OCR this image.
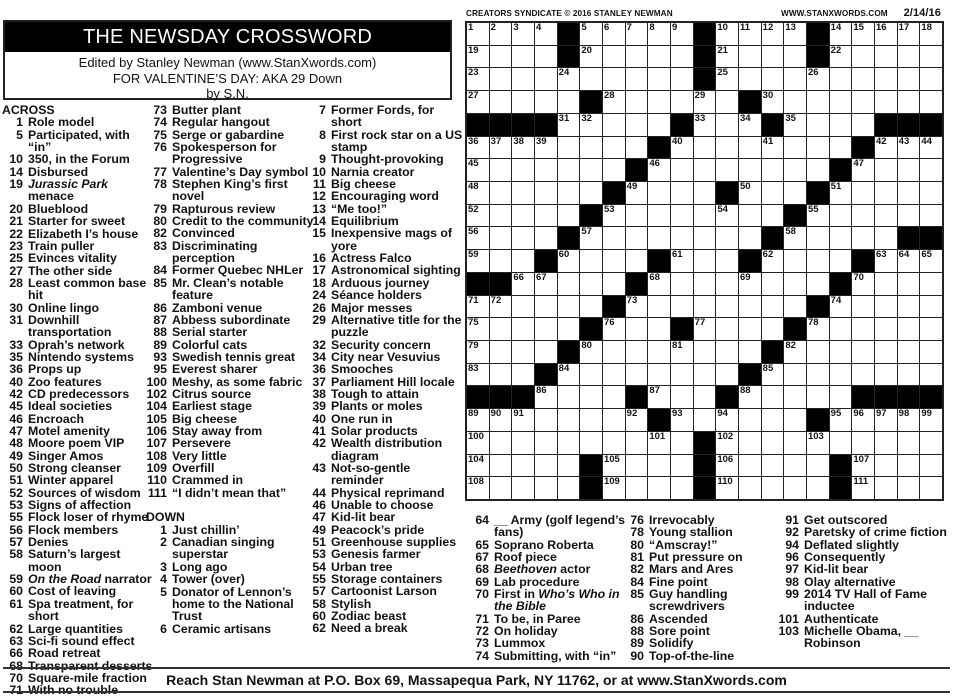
THE NEWSDAY CROSSWORD
Edited by Stanley Newman (www.StanXwords.com)
FOR VALENTINE’S DAY: AKA 29 Down
by S.N.
ACROSS
1 Role model
5 Participated, with “in”
10 350, in the Forum
14 Disbursed
19 Jurassic Park menace
20 Blueblood
21 Starter for sweet
22 Elizabeth I’s house
23 Train puller
25 Evinces vitality
27 The other side
28 Least common base hit
30 Online lingo
31 Downhill transportation
33 Oprah’s network
35 Nintendo systems
36 Props up
40 Zoo features
42 CD predecessors
45 Ideal societies
46 Encroach
47 Motel amenity
48 Moore poem VIP
49 Singer Amos
50 Strong cleanser
51 Winter apparel
52 Sources of wisdom
53 Signs of affection
55 Flock loser of rhyme
56 Flock members
57 Denies
58 Saturn’s largest moon
59 On the Road narrator
60 Cost of leaving
61 Spa treatment, for short
62 Large quantities
63 Sci-fi sound effect
66 Road retreat
68 Transparent desserts
70 Square-mile fraction
71 With no trouble
73 Butter plant
74 Regular hangout
75 Serge or gabardine
76 Spokesperson for Progressive
77 Valentine’s Day symbol
78 Stephen King’s first novel
79 Rapturous review
80 Credit to the community
82 Convinced
83 Discriminating perception
84 Former Quebec NHLer
85 Mr. Clean’s notable feature
86 Zamboni venue
87 Abbess subordinate
88 Serial starter
89 Colorful cats
93 Swedish tennis great
95 Everest sharer
100 Meshy, as some fabric
102 Citrus source
104 Earliest stage
105 Big cheese
106 Stay away from
107 Persevere
108 Very little
109 Overfill
110 Crammed in
111 “I didn’t mean that”
DOWN
1 Just chillin’
2 Canadian singing superstar
3 Long ago
4 Tower (over)
5 Donator of Lennon’s home to the National Trust
6 Ceramic artisans
7 Former Fords, for short
8 First rock star on a US stamp
9 Thought-provoking
10 Narnia creator
11 Big cheese
12 Encouraging word
13 “Me too!”
14 Equilibrium
15 Inexpensive mags of yore
16 Actress Falco
17 Astronomical sighting
18 Arduous journey
24 Séance holders
26 Major messes
29 Alternative title for the puzzle
32 Security concern
34 City near Vesuvius
36 Smooches
37 Parliament Hill locale
38 Tough to attain
39 Plants or moles
40 One run in
41 Solar products
42 Wealth distribution diagram
43 Not-so-gentle reminder
44 Physical reprimand
46 Unable to choose
47 Kid-lit bear
49 Peacock’s pride
51 Greenhouse supplies
53 Genesis farmer
54 Urban tree
55 Storage containers
57 Cartoonist Larson
58 Stylish
60 Zodiac beast
62 Need a break
CREATORS SYNDICATE © 2016 STANLEY NEWMAN	WWW.STANXWORDS.COM 2/14/16
1 2 3 4	5 6 7 8 9	10 11 12 13	14 15 16 17 18
19	20	21	22
23	24	25	26
27	28	29	30
31 32	33	34	35
36 37 38 39	40	41	42 43 44
45	46	47
48	49	50	51
52	53	54	55
56	57	58
59	60	61	62	63 64 65
66 67	68	69	70
71 72	73	74
75	76	77	78
79	80	81	82
83	84	85
86	87	88
89 90 91	92	93	94	95 96 97 98 99
100	101	102	103
104	105	106	107
108	109	110	111
64 __ Army (golf legend’s fans)
65 Soprano Roberta
67 Roof piece
68 Beethoven actor
69 Lab procedure
70 First in Who’s Who in the Bible
71 To be, in Paree
72 On holiday
73 Lummox
74 Submitting, with “in”
76 Irrevocably
78 Young stallion
80 “Amscray!”
81 Put pressure on
82 Mars and Ares
84 Fine point
85 Guy handling screwdrivers
86 Ascended
88 Sore point
89 Solidify
90 Top-of-the-line
91 Get outscored
92 Paretsky of crime fiction
94 Deflated slightly
96 Consequently
97 Kid-lit bear
98 Olay alternative
99 2014 TV Hall of Fame inductee
101 Authenticate
103 Michelle Obama, __ Robinson
Reach Stan Newman at P.O. Box 69, Massapequa Park, NY 11762, or at www.StanXwords.com
